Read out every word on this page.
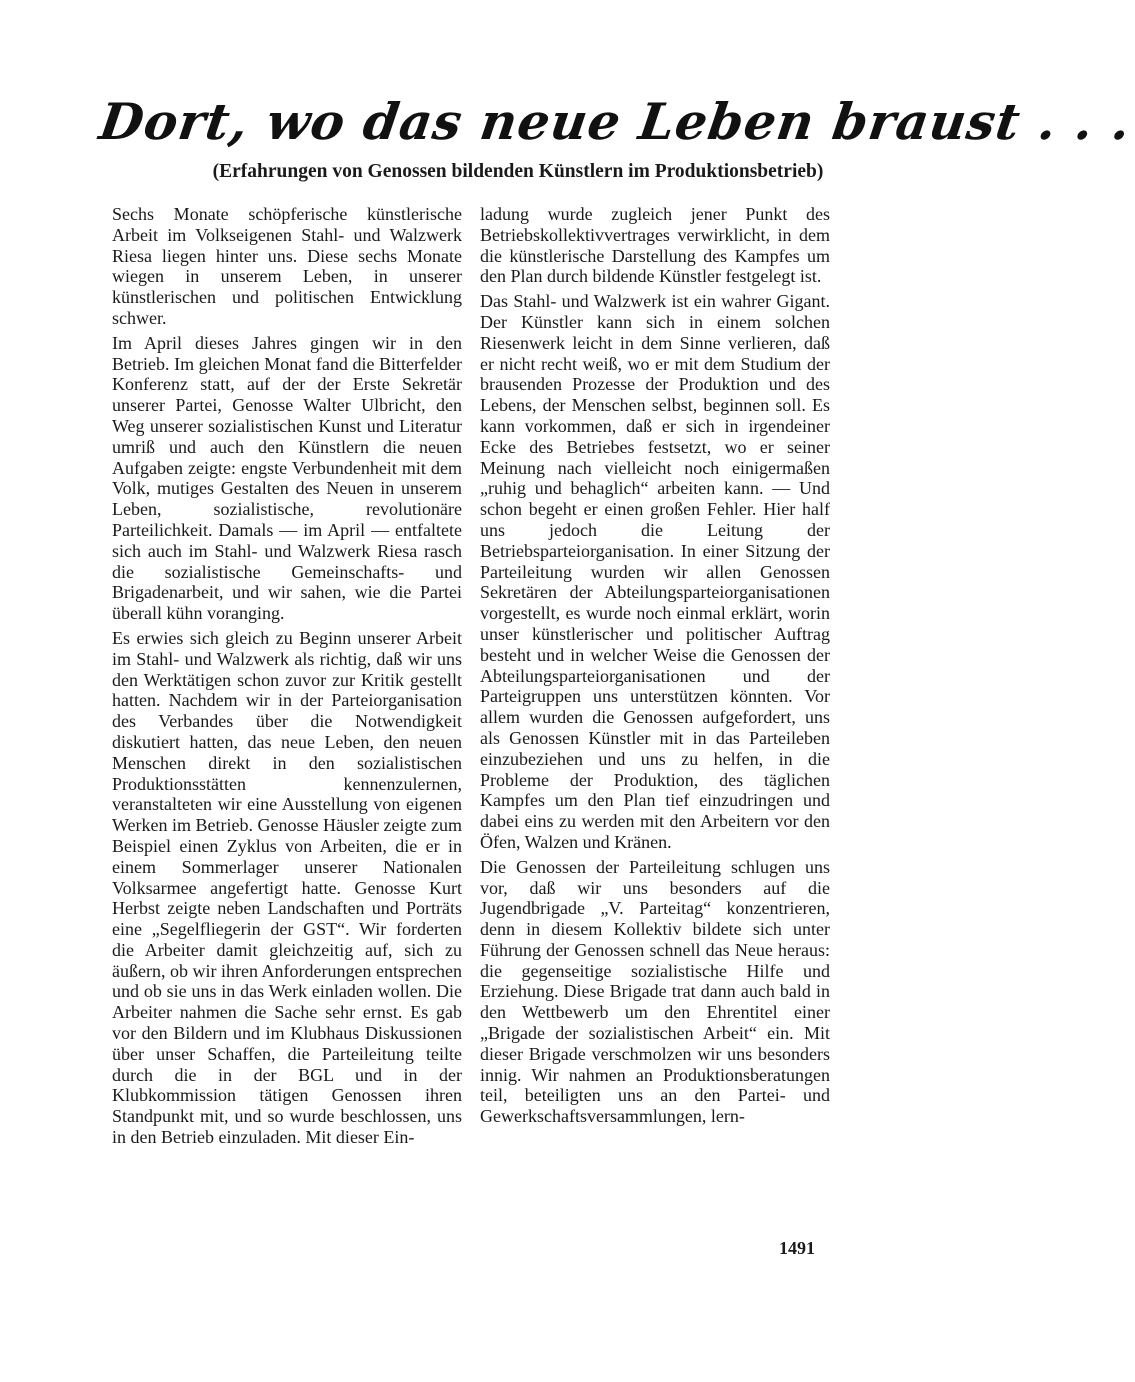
Dort, wo das neue Leben braust . . .
(Erfahrungen von Genossen bildenden Künstlern im Produktionsbetrieb)

Sechs Monate schöpferische künstlerische Arbeit im Volkseigenen Stahl- und Walzwerk Riesa liegen hinter uns. Diese sechs Monate wiegen in unserem Leben, in unserer künstlerischen und politischen Entwicklung schwer.

Im April dieses Jahres gingen wir in den Betrieb. Im gleichen Monat fand die Bitterfelder Konferenz statt, auf der der Erste Sekretär unserer Partei, Genosse Walter Ulbricht, den Weg unserer sozialistischen Kunst und Literatur umriß und auch den Künstlern die neuen Aufgaben zeigte: engste Verbundenheit mit dem Volk, mutiges Gestalten des Neuen in unserem Leben, sozialistische, revolutionäre Parteilichkeit. Damals — im April — entfaltete sich auch im Stahl- und Walzwerk Riesa rasch die sozialistische Gemeinschafts- und Brigadenarbeit, und wir sahen, wie die Partei überall kühn voranging.

Es erwies sich gleich zu Beginn unserer Arbeit im Stahl- und Walzwerk als richtig, daß wir uns den Werktätigen schon zuvor zur Kritik gestellt hatten. Nachdem wir in der Parteiorganisation des Verbandes über die Notwendigkeit diskutiert hatten, das neue Leben, den neuen Menschen direkt in den sozialistischen Produktionsstätten kennenzulernen, veranstalteten wir eine Ausstellung von eigenen Werken im Betrieb. Genosse Häusler zeigte zum Beispiel einen Zyklus von Arbeiten, die er in einem Sommerlager unserer Nationalen Volksarmee angefertigt hatte. Genosse Kurt Herbst zeigte neben Landschaften und Porträts eine „Segelfliegerin der GST“. Wir forderten die Arbeiter damit gleichzeitig auf, sich zu äußern, ob wir ihren Anforderungen entsprechen und ob sie uns in das Werk einladen wollen. Die Arbeiter nahmen die Sache sehr ernst. Es gab vor den Bildern und im Klubhaus Diskussionen über unser Schaffen, die Parteileitung teilte durch die in der BGL und in der Klubkommission tätigen Genossen ihren Standpunkt mit, und so wurde beschlossen, uns in den Betrieb einzuladen. Mit dieser Ein-

ladung wurde zugleich jener Punkt des Betriebskollektivvertrages verwirklicht, in dem die künstlerische Darstellung des Kampfes um den Plan durch bildende Künstler festgelegt ist.

Das Stahl- und Walzwerk ist ein wahrer Gigant. Der Künstler kann sich in einem solchen Riesenwerk leicht in dem Sinne verlieren, daß er nicht recht weiß, wo er mit dem Studium der brausenden Prozesse der Produktion und des Lebens, der Menschen selbst, beginnen soll. Es kann vorkommen, daß er sich in irgendeiner Ecke des Betriebes festsetzt, wo er seiner Meinung nach vielleicht noch einigermaßen „ruhig und behaglich“ arbeiten kann. — Und schon begeht er einen großen Fehler. Hier half uns jedoch die Leitung der Betriebsparteiorganisation. In einer Sitzung der Parteileitung wurden wir allen Genossen Sekretären der Abteilungsparteiorganisationen vorgestellt, es wurde noch einmal erklärt, worin unser künstlerischer und politischer Auftrag besteht und in welcher Weise die Genossen der Abteilungsparteiorganisationen und der Parteigruppen uns unterstützen könnten. Vor allem wurden die Genossen aufgefordert, uns als Genossen Künstler mit in das Parteileben einzubeziehen und uns zu helfen, in die Probleme der Produktion, des täglichen Kampfes um den Plan tief einzudringen und dabei eins zu werden mit den Arbeitern vor den Öfen, Walzen und Kränen.

Die Genossen der Parteileitung schlugen uns vor, daß wir uns besonders auf die Jugendbrigade „V. Parteitag“ konzentrieren, denn in diesem Kollektiv bildete sich unter Führung der Genossen schnell das Neue heraus: die gegenseitige sozialistische Hilfe und Erziehung. Diese Brigade trat dann auch bald in den Wettbewerb um den Ehrentitel einer „Brigade der sozialistischen Arbeit“ ein. Mit dieser Brigade verschmolzen wir uns besonders innig. Wir nahmen an Produktionsberatungen teil, beteiligten uns an den Partei- und Gewerkschaftsversammlungen, lern-

1491
